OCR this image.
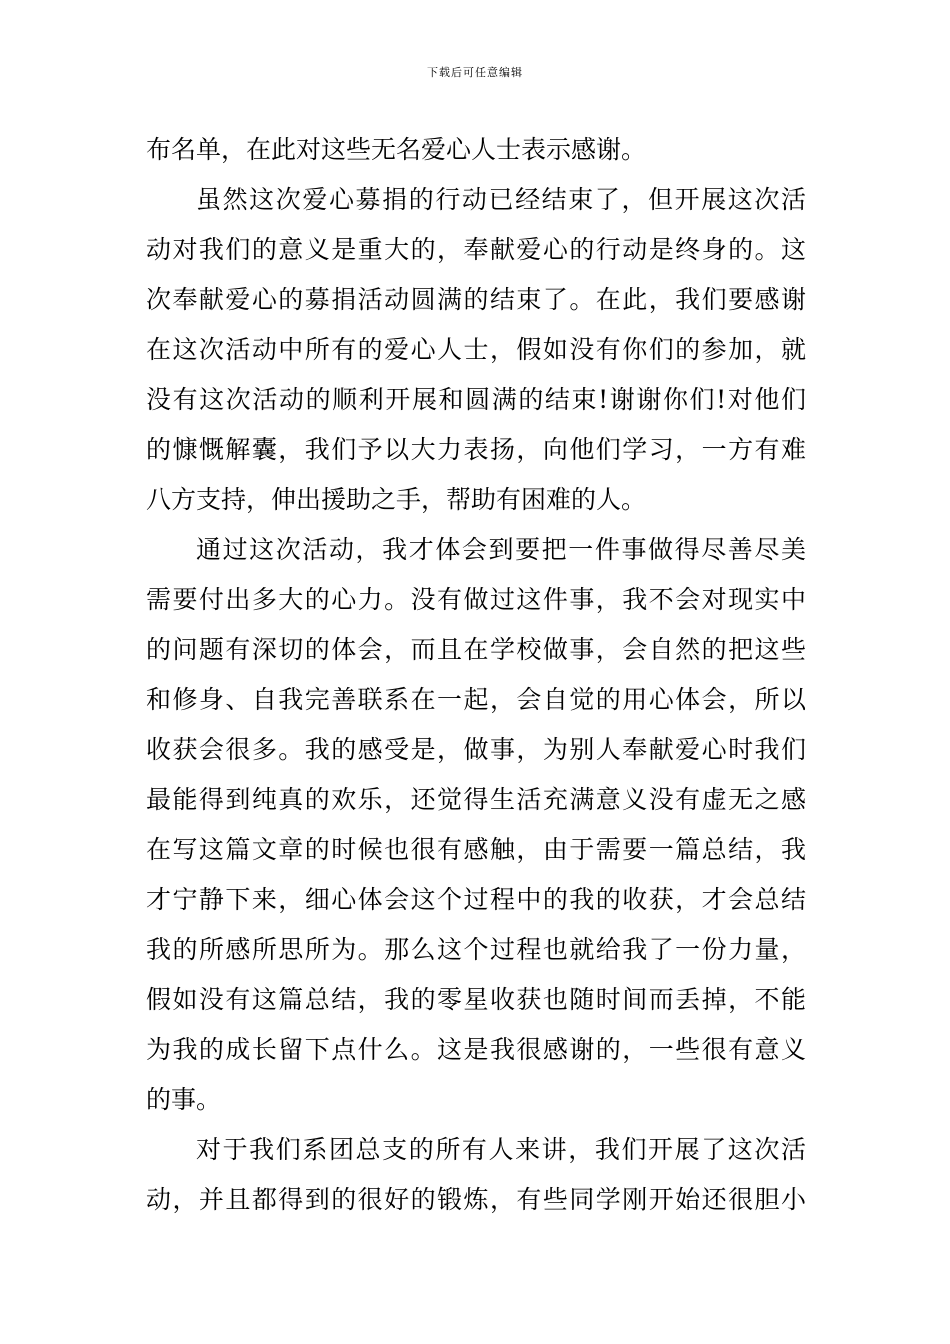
下载后可任意编辑
布名单，在此对这些无名爱心人士表示感谢。
虽然这次爱心募捐的行动已经结束了，但开展这次活
动对我们的意义是重大的，奉献爱心的行动是终身的。这
次奉献爱心的募捐活动圆满的结束了。在此，我们要感谢
在这次活动中所有的爱心人士，假如没有你们的参加，就
没有这次活动的顺利开展和圆满的结束!谢谢你们!对他们
的慷慨解囊，我们予以大力表扬，向他们学习，一方有难
八方支持，伸出援助之手，帮助有困难的人。
通过这次活动，我才体会到要把一件事做得尽善尽美
需要付出多大的心力。没有做过这件事，我不会对现实中
的问题有深切的体会，而且在学校做事，会自然的把这些
和修身、自我完善联系在一起，会自觉的用心体会，所以
收获会很多。我的感受是，做事，为别人奉献爱心时我们
最能得到纯真的欢乐，还觉得生活充满意义没有虚无之感
在写这篇文章的时候也很有感触，由于需要一篇总结，我
才宁静下来，细心体会这个过程中的我的收获，才会总结
我的所感所思所为。那么这个过程也就给我了一份力量，
假如没有这篇总结，我的零星收获也随时间而丢掉，不能
为我的成长留下点什么。这是我很感谢的，一些很有意义
的事。
对于我们系团总支的所有人来讲，我们开展了这次活
动，并且都得到的很好的锻炼，有些同学刚开始还很胆小
